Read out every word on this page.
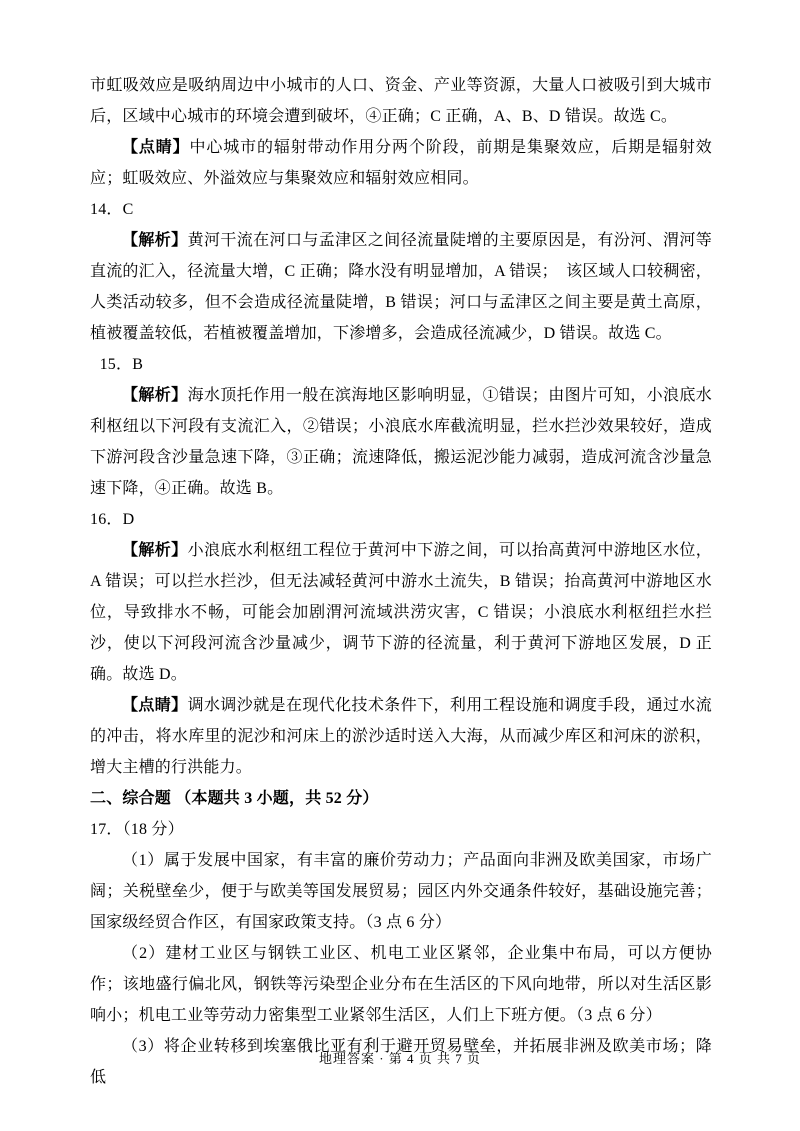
市虹吸效应是吸纳周边中小城市的人口、资金、产业等资源，大量人口被吸引到大城市后，区域中心城市的环境会遭到破坏，④正确；C 正确，A、B、D 错误。故选 C。

【点睛】中心城市的辐射带动作用分两个阶段，前期是集聚效应，后期是辐射效应；虹吸效应、外溢效应与集聚效应和辐射效应相同。

14．C

【解析】黄河干流在河口与孟津区之间径流量陡增的主要原因是，有汾河、渭河等直流的汇入，径流量大增，C 正确；降水没有明显增加，A 错误；　该区域人口较稠密，人类活动较多，但不会造成径流量陡增，B 错误；河口与孟津区之间主要是黄土高原，植被覆盖较低，若植被覆盖增加，下渗增多，会造成径流减少，D 错误。故选 C。

15．B

【解析】海水顶托作用一般在滨海地区影响明显，①错误；由图片可知，小浪底水利枢纽以下河段有支流汇入，②错误；小浪底水库截流明显，拦水拦沙效果较好，造成下游河段含沙量急速下降，③正确；流速降低，搬运泥沙能力减弱，造成河流含沙量急速下降，④正确。故选 B。

16．D

【解析】小浪底水利枢纽工程位于黄河中下游之间，可以抬高黄河中游地区水位，A 错误；可以拦水拦沙，但无法减轻黄河中游水土流失，B 错误；抬高黄河中游地区水位，导致排水不畅，可能会加剧渭河流域洪涝灾害，C 错误；小浪底水利枢纽拦水拦沙，使以下河段河流含沙量减少，调节下游的径流量，利于黄河下游地区发展，D 正确。故选 D。

【点睛】调水调沙就是在现代化技术条件下，利用工程设施和调度手段，通过水流的冲击，将水库里的泥沙和河床上的淤沙适时送入大海，从而减少库区和河床的淤积，增大主槽的行洪能力。

二、综合题 （本题共 3 小题，共 52 分）

17．（18 分）

（1）属于发展中国家，有丰富的廉价劳动力；产品面向非洲及欧美国家，市场广阔；关税壁垒少，便于与欧美等国发展贸易；园区内外交通条件较好，基础设施完善；国家级经贸合作区，有国家政策支持。（3 点 6 分）

（2）建材工业区与钢铁工业区、机电工业区紧邻，企业集中布局，可以方便协作；该地盛行偏北风，钢铁等污染型企业分布在生活区的下风向地带，所以对生活区影响小；机电工业等劳动力密集型工业紧邻生活区，人们上下班方便。（3 点 6 分）

（3）将企业转移到埃塞俄比亚有利于避开贸易壁垒，并拓展非洲及欧美市场；降低

地理答案 · 第 4 页 共 7 页
